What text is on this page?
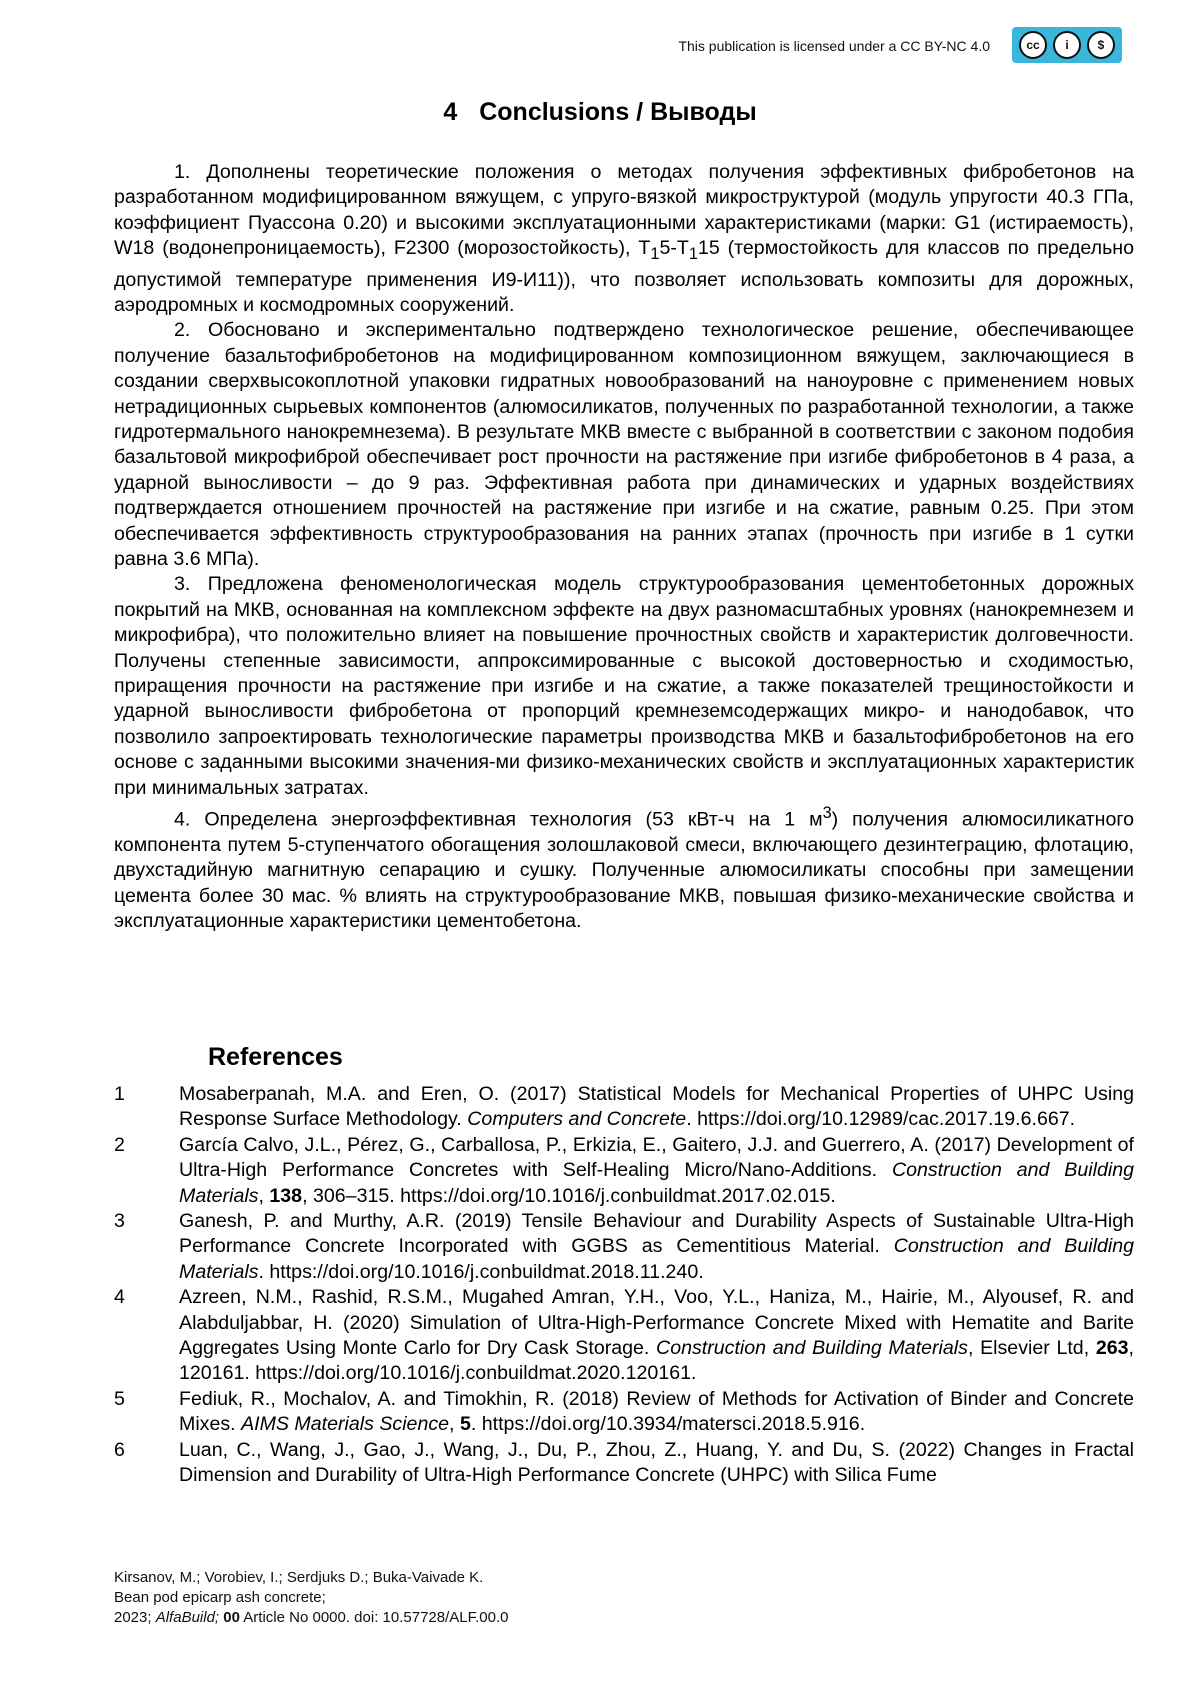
This publication is licensed under a CC BY-NC 4.0	cc	i	$
4 Conclusions / Выводы

1. Дополнены теоретические положения о методах получения эффективных фибробетонов на разработанном модифицированном вяжущем, с упруго-вязкой микроструктурой (модуль упругости 40.3 ГПа, коэффициент Пуассона 0.20) и высокими эксплуатационными характеристиками (марки: G1 (истираемость), W18 (водонепроницаемость), F2300 (морозостойкость), $Т_15-Т_115$ (термостойкость для классов по предельно допустимой температуре применения И9-И11)), что позволяет использовать композиты для дорожных, аэродромных и космодромных сооружений.

2. Обосновано и экспериментально подтверждено технологическое решение, обеспечивающее получение базальтофибробетонов на модифицированном композиционном вяжущем, заключающиеся в создании сверхвысокоплотной упаковки гидратных новообразований на наноуровне с применением новых нетрадиционных сырьевых компонентов (алюмосиликатов, полученных по разработанной технологии, а также гидротермального нанокремнезема). В результате МКВ вместе с выбранной в соответствии с законом подобия базальтовой микрофиброй обеспечивает рост прочности на растяжение при изгибе фибробетонов в 4 раза, а ударной выносливости – до 9 раз. Эффективная работа при динамических и ударных воздействиях подтверждается отношением прочностей на растяжение при изгибе и на сжатие, равным 0.25. При этом обеспечивается эффективность структурообразования на ранних этапах (прочность при изгибе в 1 сутки равна 3.6 МПа).

3. Предложена феноменологическая модель структурообразования цементобетонных дорожных покрытий на МКВ, основанная на комплексном эффекте на двух разномасштабных уровнях (нанокремнезем и микрофибра), что положительно влияет на повышение прочностных свойств и характеристик долговечности. Получены степенные зависимости, аппроксимированные с высокой достоверностью и сходимостью, приращения прочности на растяжение при изгибе и на сжатие, а также показателей трещиностойкости и ударной выносливости фибробетона от пропорций кремнеземсодержащих микро- и нанодобавок, что позволило запроектировать технологические параметры производства МКВ и базальтофибробетонов на его основе с заданными высокими значения-ми физико-механических свойств и эксплуатационных характеристик при минимальных затратах.

4. Определена энергоэффективная технология (53 кВт-ч на 1 $м^3$) получения алюмосиликатного компонента путем 5-ступенчатого обогащения золошлаковой смеси, включающего дезинтеграцию, флотацию, двухстадийную магнитную сепарацию и сушку. Полученные алюмосиликаты способны при замещении цемента более 30 мас. % влиять на структурообразование МКВ, повышая физико-механические свойства и эксплуатационные характеристики цементобетона.

References
1	Mosaberpanah, M.A. and Eren, O. (2017) Statistical Models for Mechanical Properties of UHPC Using Response Surface Methodology. Computers and Concrete. https://doi.org/10.12989/cac.2017.19.6.667.
2	García Calvo, J.L., Pérez, G., Carballosa, P., Erkizia, E., Gaitero, J.J. and Guerrero, A. (2017) Development of Ultra-High Performance Concretes with Self-Healing Micro/Nano-Additions. Construction and Building Materials, 138, 306–315. https://doi.org/10.1016/j.conbuildmat.2017.02.015.
3	Ganesh, P. and Murthy, A.R. (2019) Tensile Behaviour and Durability Aspects of Sustainable Ultra-High Performance Concrete Incorporated with GGBS as Cementitious Material. Construction and Building Materials. https://doi.org/10.1016/j.conbuildmat.2018.11.240.
4	Azreen, N.M., Rashid, R.S.M., Mugahed Amran, Y.H., Voo, Y.L., Haniza, M., Hairie, M., Alyousef, R. and Alabduljabbar, H. (2020) Simulation of Ultra-High-Performance Concrete Mixed with Hematite and Barite Aggregates Using Monte Carlo for Dry Cask Storage. Construction and Building Materials, Elsevier Ltd, 263, 120161. https://doi.org/10.1016/j.conbuildmat.2020.120161.
5	Fediuk, R., Mochalov, A. and Timokhin, R. (2018) Review of Methods for Activation of Binder and Concrete Mixes. AIMS Materials Science, 5. https://doi.org/10.3934/matersci.2018.5.916.
6	Luan, C., Wang, J., Gao, J., Wang, J., Du, P., Zhou, Z., Huang, Y. and Du, S. (2022) Changes in Fractal Dimension and Durability of Ultra-High Performance Concrete (UHPC) with Silica Fume
Kirsanov, M.; Vorobiev, I.; Serdjuks D.; Buka-Vaivade K.
Bean pod epicarp ash concrete;
2023; AlfaBuild; 00 Article No 0000. doi: 10.57728/ALF.00.0
